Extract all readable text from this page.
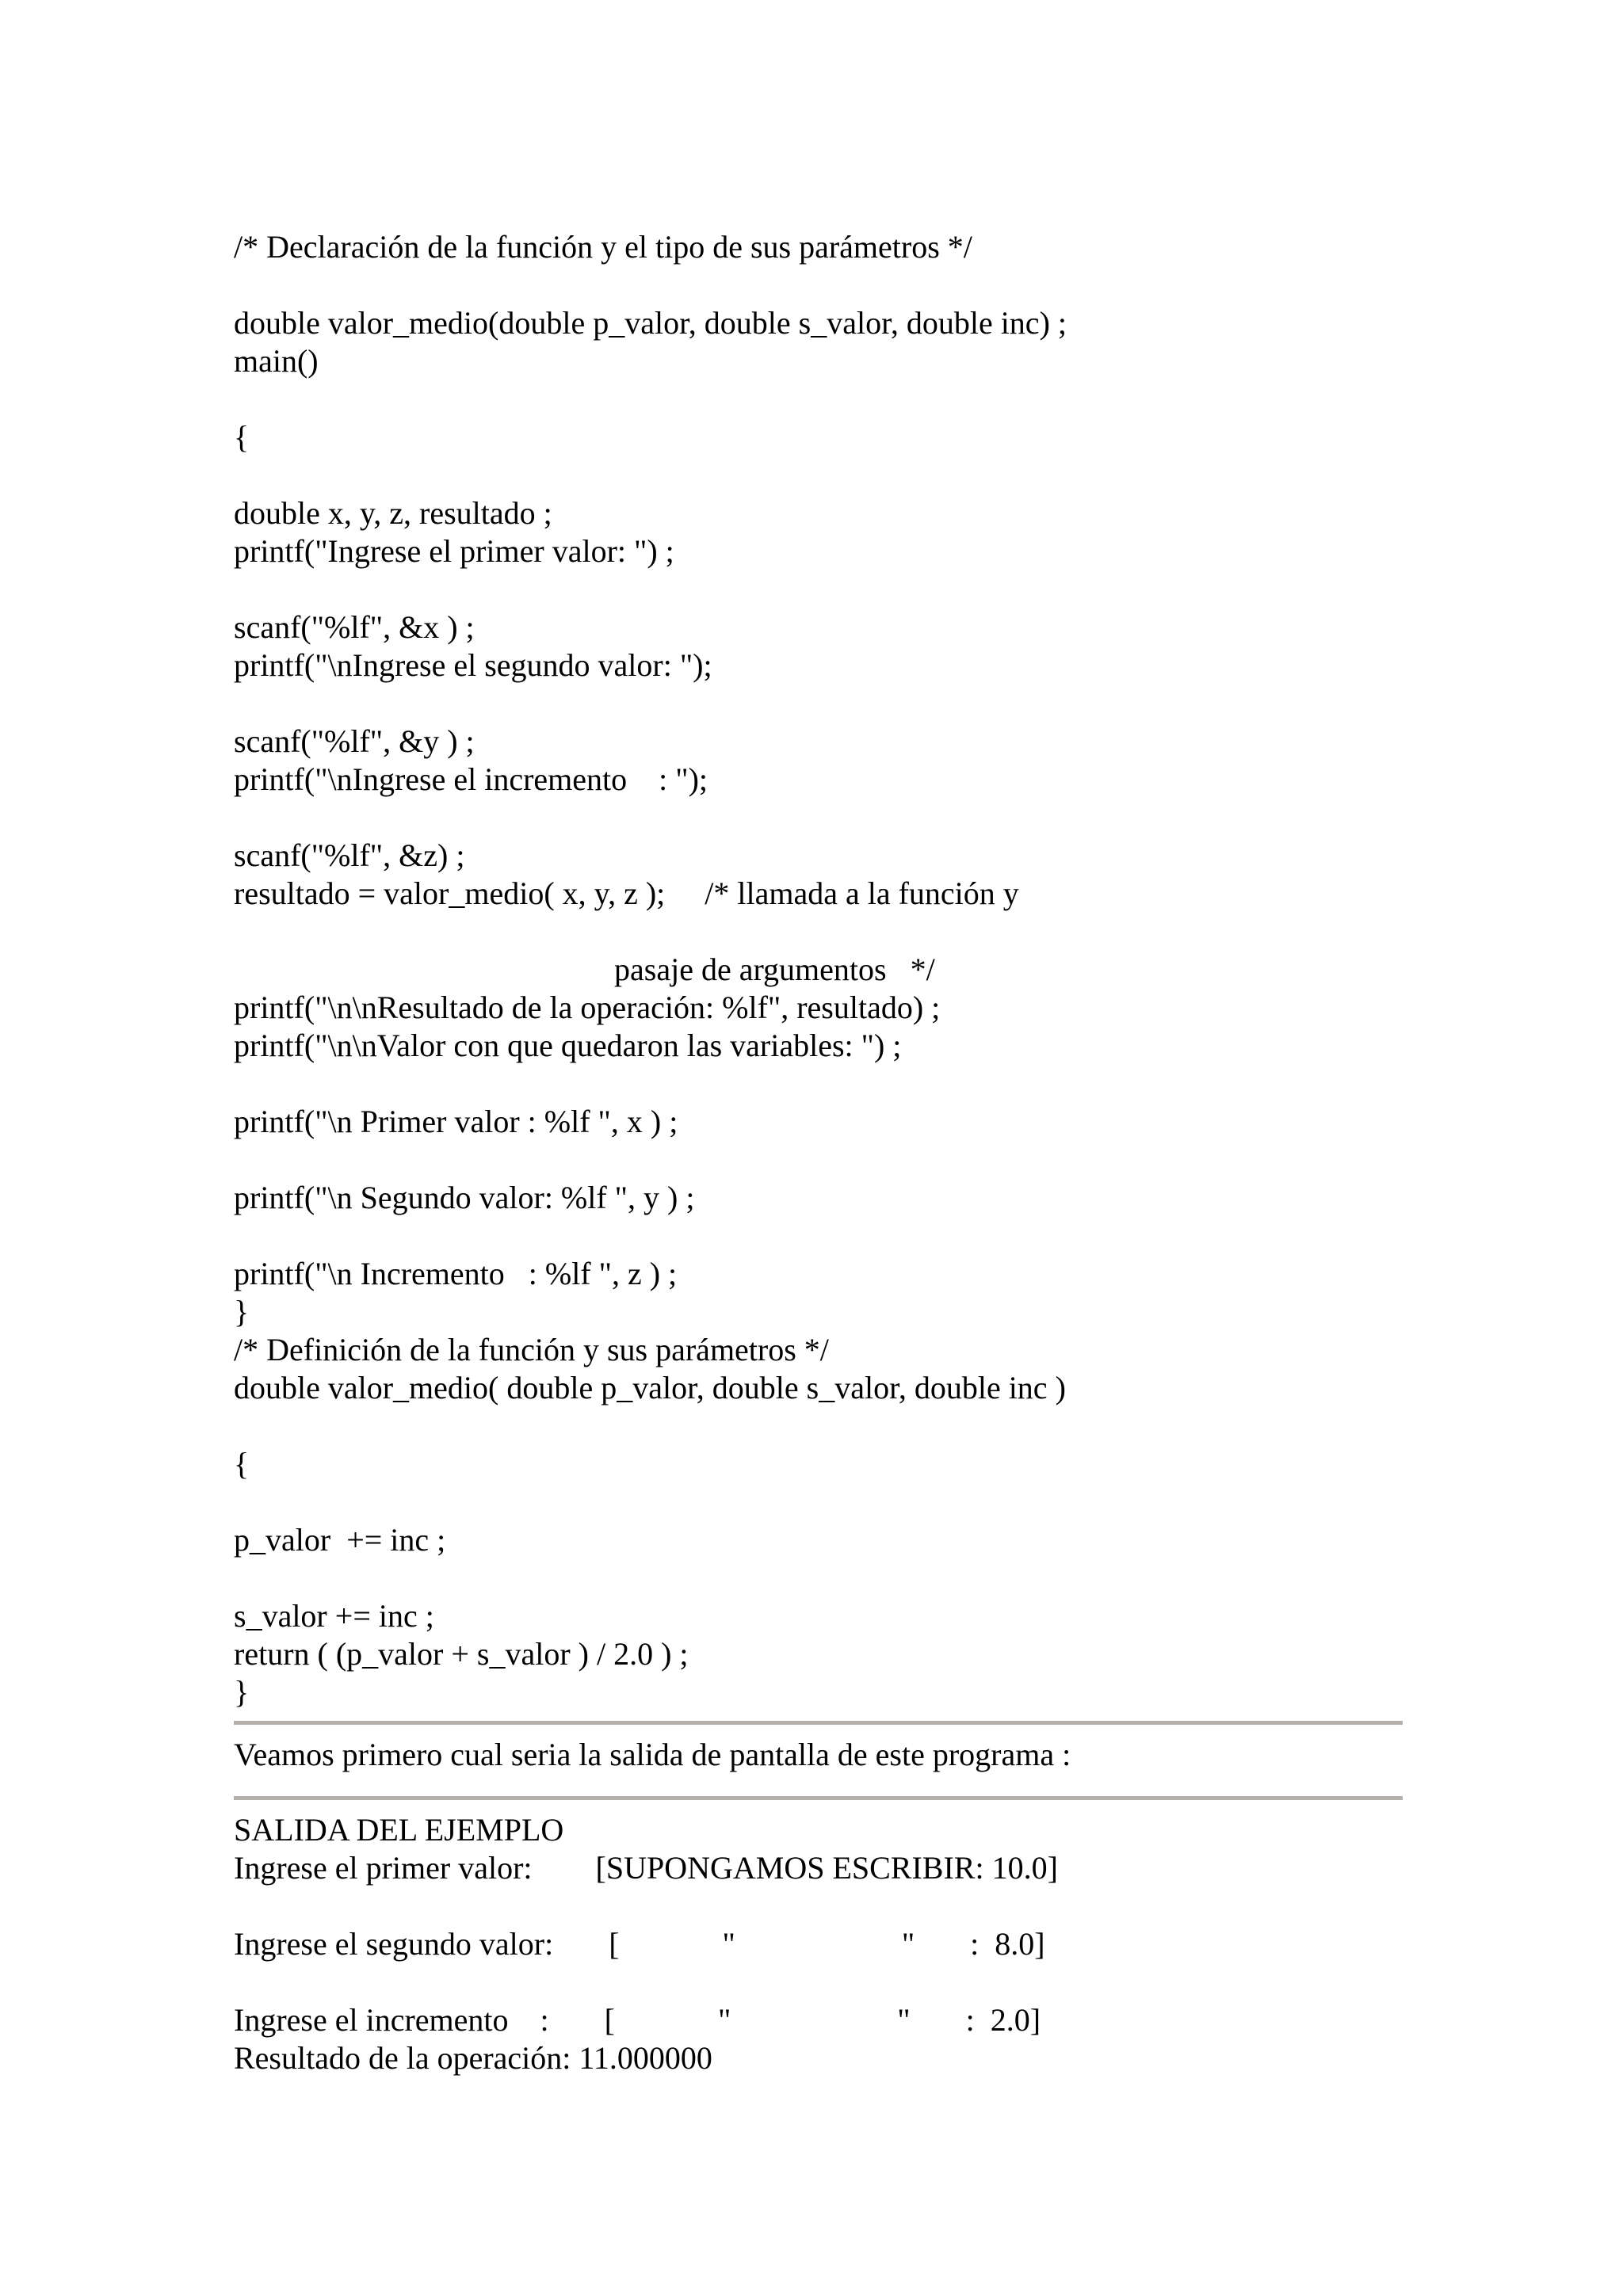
/* Declaración de la función y el tipo de sus parámetros */
double valor_medio(double p_valor, double s_valor, double inc) ;
main()
{
double x, y, z, resultado ;
printf("Ingrese el primer valor: ") ;
scanf("%lf", &x ) ;
printf("\nIngrese el segundo valor: ");
scanf("%lf", &y ) ;
printf("\nIngrese el incremento    : ");
scanf("%lf", &z) ;
resultado = valor_medio( x, y, z );     /* llamada a la función y
pasaje de argumentos   */
printf("\n\nResultado de la operación: %lf", resultado) ;
printf("\n\nValor con que quedaron las variables: ") ;
printf("\n Primer valor : %lf ", x ) ;
printf("\n Segundo valor: %lf ", y ) ;
printf("\n Incremento   : %lf ", z ) ;
}
/* Definición de la función y sus parámetros */
double valor_medio( double p_valor, double s_valor, double inc )
{
p_valor  += inc ;
s_valor += inc ;
return ( (p_valor + s_valor ) / 2.0 ) ;
}
Veamos primero cual seria la salida de pantalla de este programa :
SALIDA DEL EJEMPLO
Ingrese el primer valor:        [SUPONGAMOS ESCRIBIR: 10.0]
Ingrese el segundo valor:       [             "                     "       :  8.0]
Ingrese el incremento    :       [             "                     "       :  2.0]
Resultado de la operación: 11.000000
